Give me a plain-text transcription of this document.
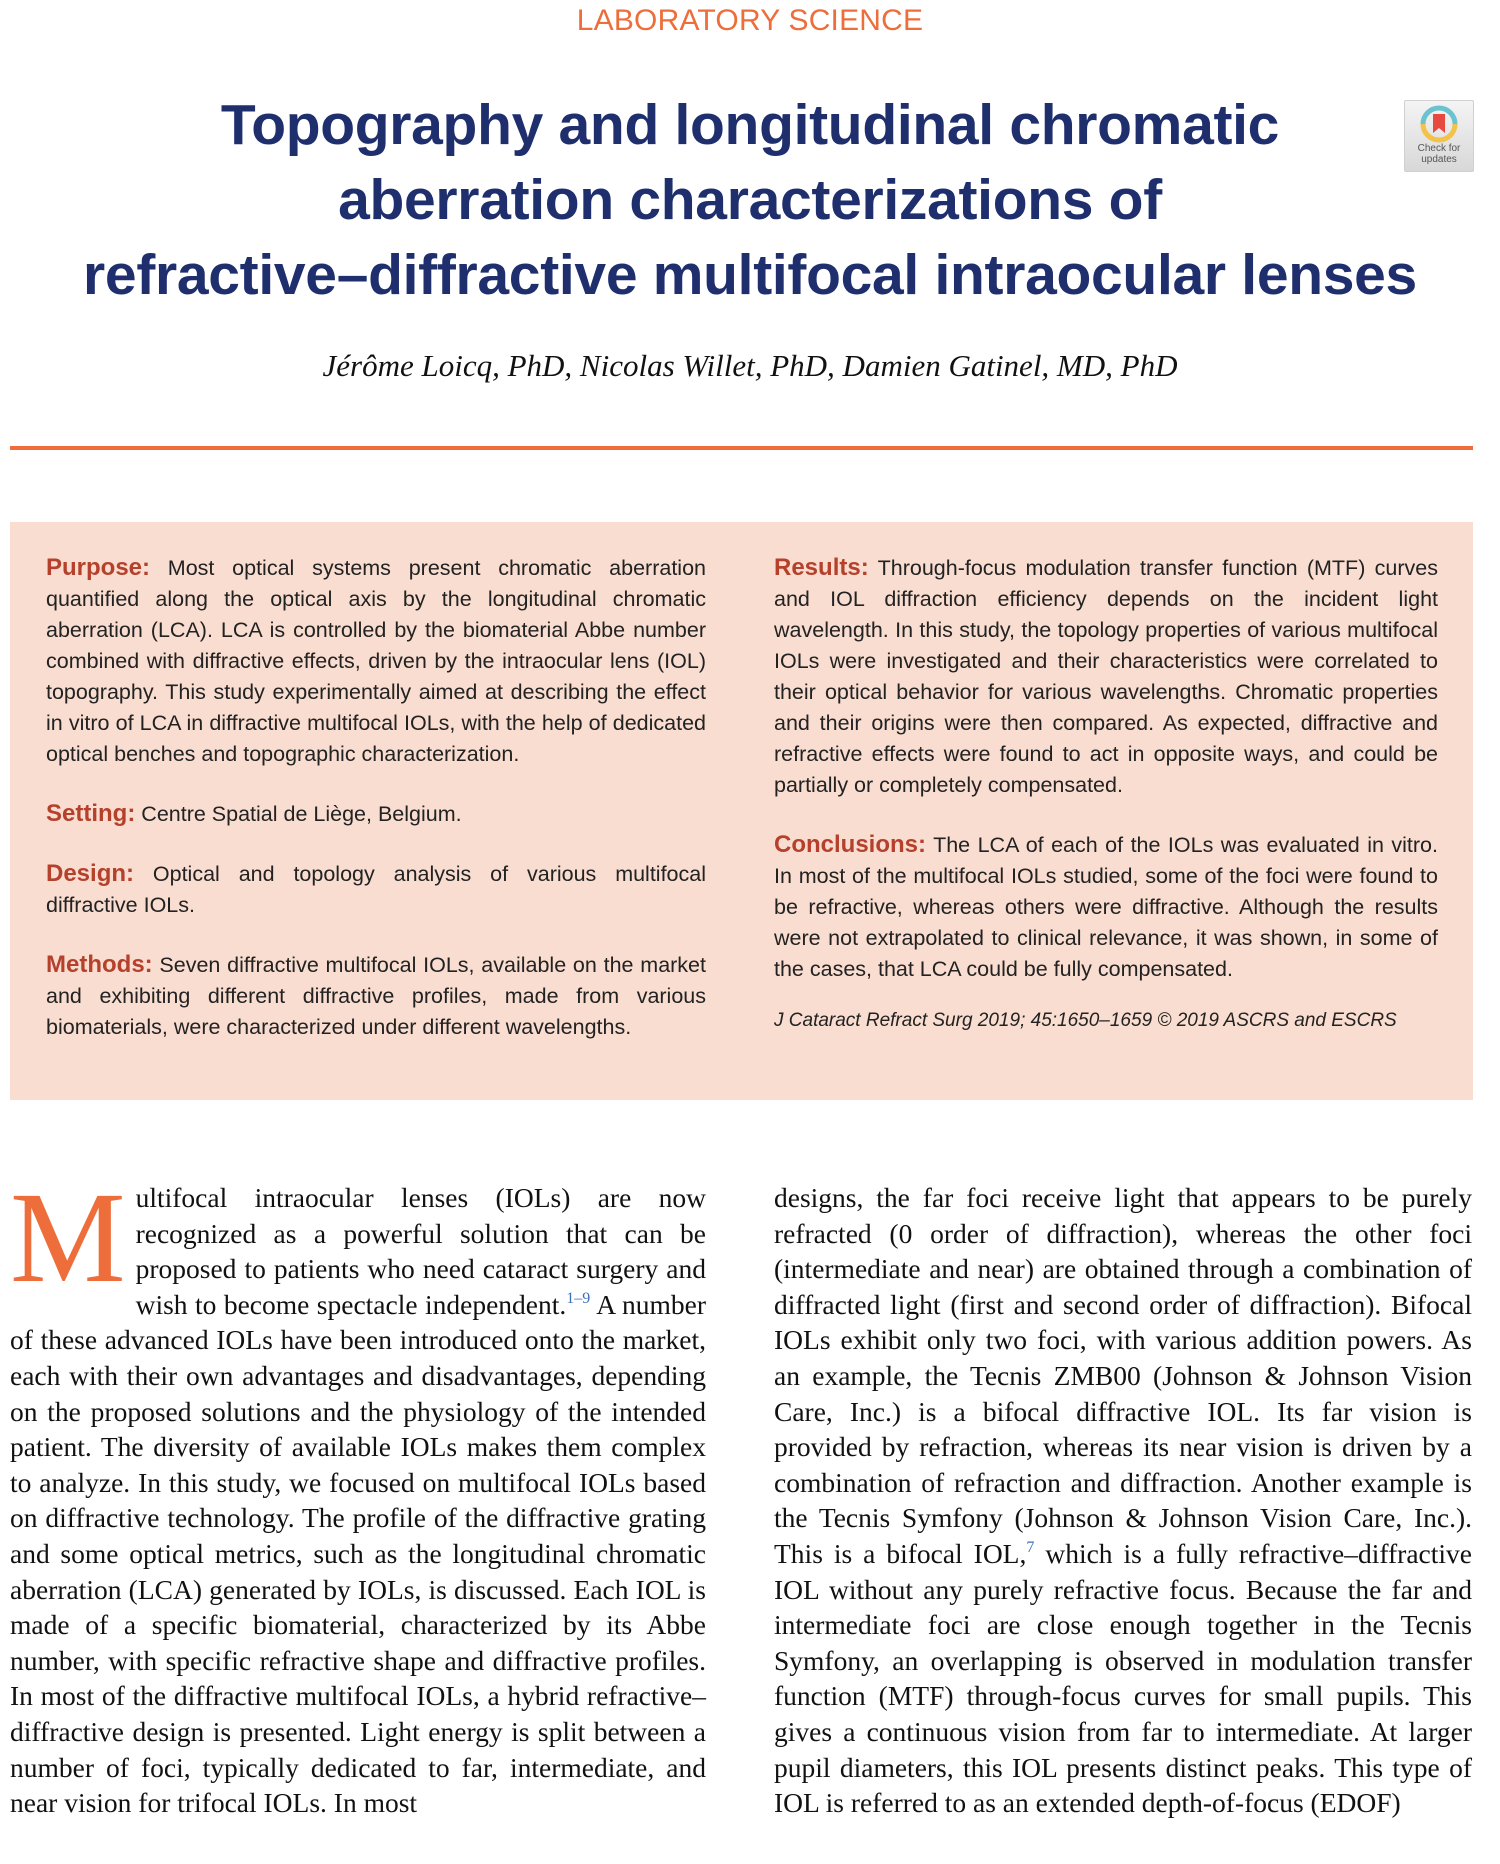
LABORATORY SCIENCE
Topography and longitudinal chromatic
aberration characterizations of
refractive–diffractive multifocal intraocular lenses
Check for
updates
Jérôme Loicq, PhD, Nicolas Willet, PhD, Damien Gatinel, MD, PhD

Purpose: Most optical systems present chromatic aberration quantified along the optical axis by the longitudinal chromatic aberration (LCA). LCA is controlled by the biomaterial Abbe number combined with diffractive effects, driven by the intraocular lens (IOL) topography. This study experimentally aimed at describing the effect in vitro of LCA in diffractive multifocal IOLs, with the help of dedicated optical benches and topographic characterization.

Setting: Centre Spatial de Liège, Belgium.

Design: Optical and topology analysis of various multifocal diffractive IOLs.

Methods: Seven diffractive multifocal IOLs, available on the market and exhibiting different diffractive profiles, made from various biomaterials, were characterized under different wavelengths.

Results: Through-focus modulation transfer function (MTF) curves and IOL diffraction efficiency depends on the incident light wavelength. In this study, the topology properties of various multifocal IOLs were investigated and their characteristics were correlated to their optical behavior for various wavelengths. Chromatic properties and their origins were then compared. As expected, diffractive and refractive effects were found to act in opposite ways, and could be partially or completely compensated.

Conclusions: The LCA of each of the IOLs was evaluated in vitro. In most of the multifocal IOLs studied, some of the foci were found to be refractive, whereas others were diffractive. Although the results were not extrapolated to clinical relevance, it was shown, in some of the cases, that LCA could be fully compensated.

J Cataract Refract Surg 2019; 45:1650–1659 © 2019 ASCRS and ESCRS

Multifocal intraocular lenses (IOLs) are now recognized as a powerful solution that can be proposed to patients who need cataract surgery and wish to become spectacle independent.$^{1-9}$ A number of these advanced IOLs have been introduced onto the market, each with their own advantages and disadvantages, depending on the proposed solutions and the physiology of the intended patient. The diversity of available IOLs makes them complex to analyze. In this study, we focused on multifocal IOLs based on diffractive technology. The profile of the diffractive grating and some optical metrics, such as the longitudinal chromatic aberration (LCA) generated by IOLs, is discussed. Each IOL is made of a specific biomaterial, characterized by its Abbe number, with specific refractive shape and diffractive profiles. In most of the diffractive multifocal IOLs, a hybrid refractive–diffractive design is presented. Light energy is split between a number of foci, typically dedicated to far, intermediate, and near vision for trifocal IOLs. In most
designs, the far foci receive light that appears to be purely refracted (0 order of diffraction), whereas the other foci (intermediate and near) are obtained through a combination of diffracted light (first and second order of diffraction). Bifocal IOLs exhibit only two foci, with various addition powers. As an example, the Tecnis ZMB00 (Johnson & Johnson Vision Care, Inc.) is a bifocal diffractive IOL. Its far vision is provided by refraction, whereas its near vision is driven by a combination of refraction and diffraction. Another example is the Tecnis Symfony (Johnson & Johnson Vision Care, Inc.). This is a bifocal IOL,$^7$ which is a fully refractive–diffractive IOL without any purely refractive focus. Because the far and intermediate foci are close enough together in the Tecnis Symfony, an overlapping is observed in modulation transfer function (MTF) through-focus curves for small pupils. This gives a continuous vision from far to intermediate. At larger pupil diameters, this IOL presents distinct peaks. This type of IOL is referred to as an extended depth-of-focus (EDOF)
